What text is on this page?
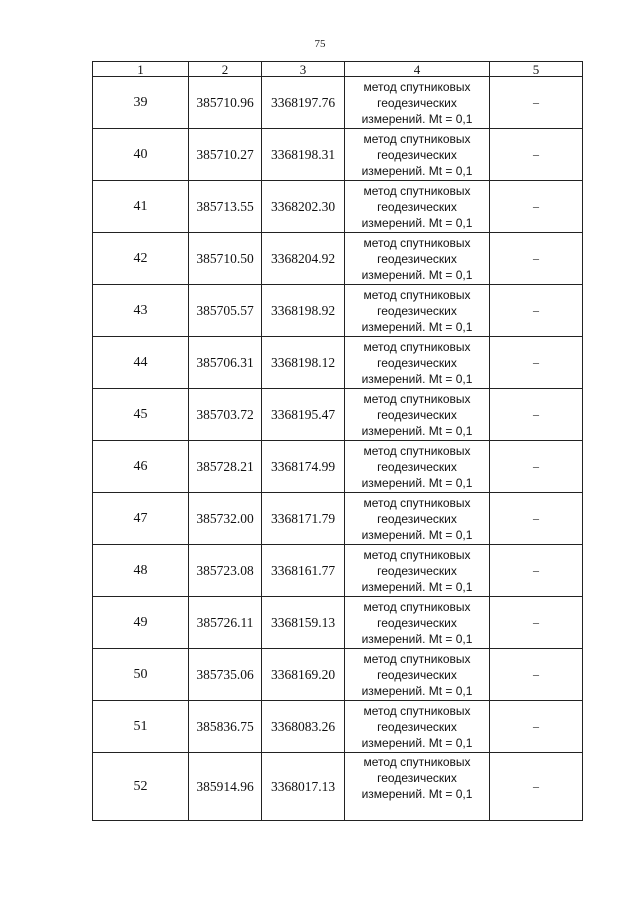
75
1	2	3	4	5
39	385710.96	3368197.76	метод спутниковых
геодезических
измерений. Mt = 0,1	–
40	385710.27	3368198.31	метод спутниковых
геодезических
измерений. Mt = 0,1	–
41	385713.55	3368202.30	метод спутниковых
геодезических
измерений. Mt = 0,1	–
42	385710.50	3368204.92	метод спутниковых
геодезических
измерений. Mt = 0,1	–
43	385705.57	3368198.92	метод спутниковых
геодезических
измерений. Mt = 0,1	–
44	385706.31	3368198.12	метод спутниковых
геодезических
измерений. Mt = 0,1	–
45	385703.72	3368195.47	метод спутниковых
геодезических
измерений. Mt = 0,1	–
46	385728.21	3368174.99	метод спутниковых
геодезических
измерений. Mt = 0,1	–
47	385732.00	3368171.79	метод спутниковых
геодезических
измерений. Mt = 0,1	–
48	385723.08	3368161.77	метод спутниковых
геодезических
измерений. Mt = 0,1	–
49	385726.11	3368159.13	метод спутниковых
геодезических
измерений. Mt = 0,1	–
50	385735.06	3368169.20	метод спутниковых
геодезических
измерений. Mt = 0,1	–
51	385836.75	3368083.26	метод спутниковых
геодезических
измерений. Mt = 0,1	–
52	385914.96	3368017.13	метод спутниковых
геодезических
измерений. Mt = 0,1	–
